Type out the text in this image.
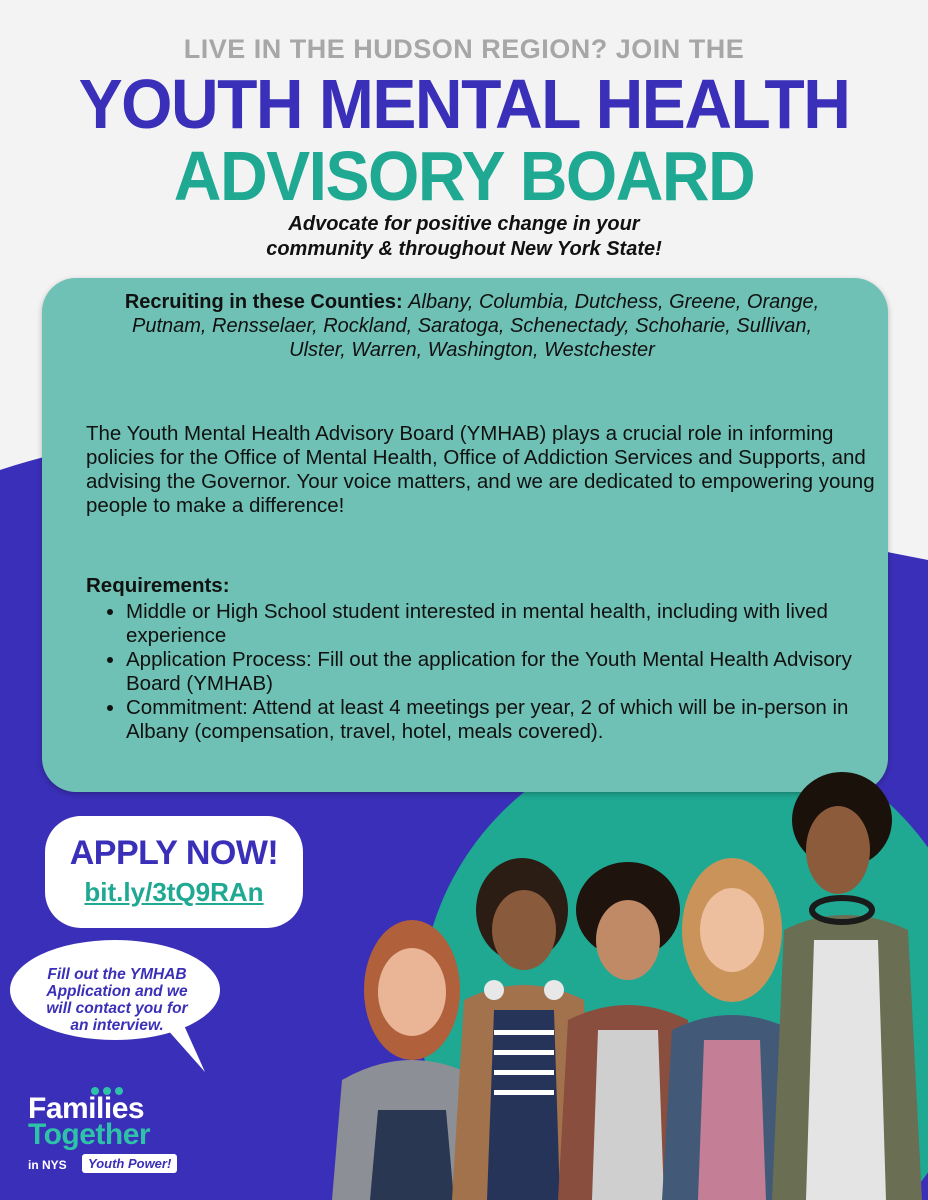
LIVE IN THE HUDSON REGION? JOIN THE
YOUTH MENTAL HEALTH
ADVISORY BOARD
Advocate for positive change in your
community & throughout New York State!
Recruiting in these Counties: Albany, Columbia, Dutchess, Greene, Orange, Putnam, Rensselaer, Rockland, Saratoga, Schenectady, Schoharie, Sullivan, Ulster, Warren, Washington, Westchester
The Youth Mental Health Advisory Board (YMHAB) plays a crucial role in informing policies for the Office of Mental Health, Office of Addiction Services and Supports, and advising the Governor. Your voice matters, and we are dedicated to empowering young people to make a difference!
Requirements:
• Middle or High School student interested in mental health, including with lived experience
• Application Process: Fill out the application for the Youth Mental Health Advisory Board (YMHAB)
• Commitment: Attend at least 4 meetings per year, 2 of which will be in-person in Albany (compensation, travel, hotel, meals covered).
APPLY NOW!
bit.ly/3tQ9RAn
Fill out the YMHAB
Application and we
will contact you for
an interview.
Families
Together
in NYS	Youth Power!
